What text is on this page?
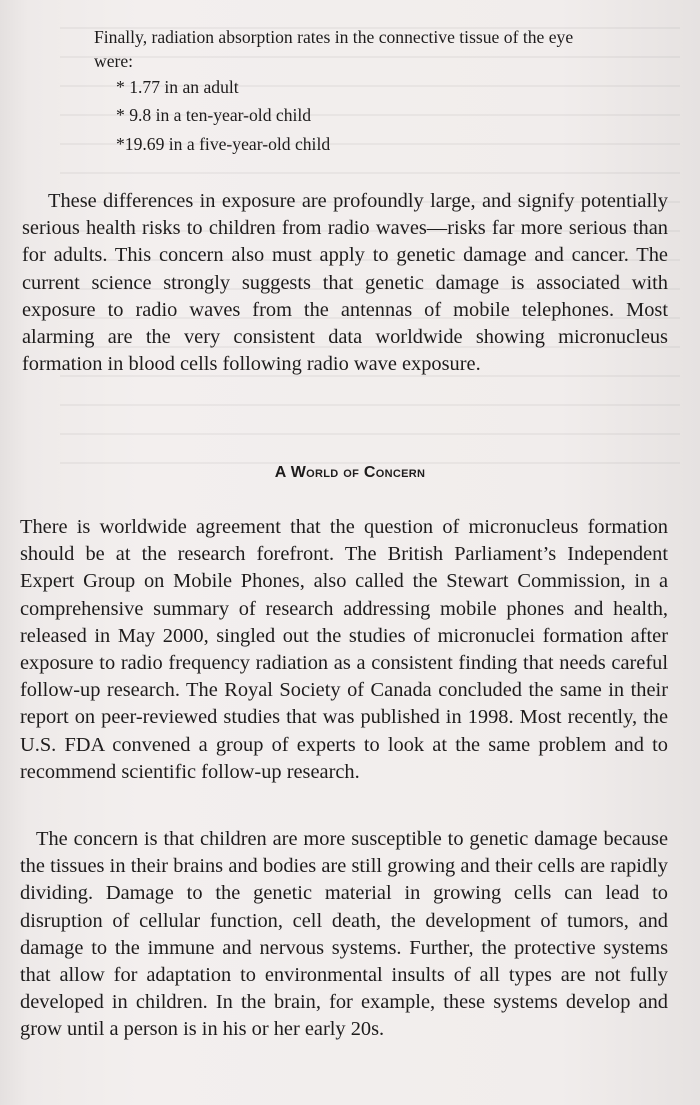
Finally, radiation absorption rates in the connective tissue of the eye were:

* 1.77 in an adult
* 9.8 in a ten-year-old child
*19.69 in a five-year-old child

These differences in exposure are profoundly large, and signify potentially serious health risks to children from radio waves—risks far more serious than for adults. This concern also must apply to genetic damage and cancer. The current science strongly suggests that genetic damage is associated with exposure to radio waves from the antennas of mobile telephones. Most alarming are the very consistent data worldwide showing micronucleus formation in blood cells following radio wave exposure.

A World of Concern

There is worldwide agreement that the question of micronucleus formation should be at the research forefront. The British Parliament’s Independent Expert Group on Mobile Phones, also called the Stewart Commission, in a comprehensive summary of research addressing mobile phones and health, released in May 2000, singled out the studies of micronuclei formation after exposure to radio frequency radiation as a consistent finding that needs careful follow-up research. The Royal Society of Canada concluded the same in their report on peer-reviewed studies that was published in 1998. Most recently, the U.S. FDA convened a group of experts to look at the same problem and to recommend scientific follow-up research.

The concern is that children are more susceptible to genetic damage because the tissues in their brains and bodies are still growing and their cells are rapidly dividing. Damage to the genetic material in growing cells can lead to disruption of cellular function, cell death, the development of tumors, and damage to the immune and nervous systems. Further, the protective systems that allow for adaptation to environmental insults of all types are not fully developed in children. In the brain, for example, these systems develop and grow until a person is in his or her early 20s.
